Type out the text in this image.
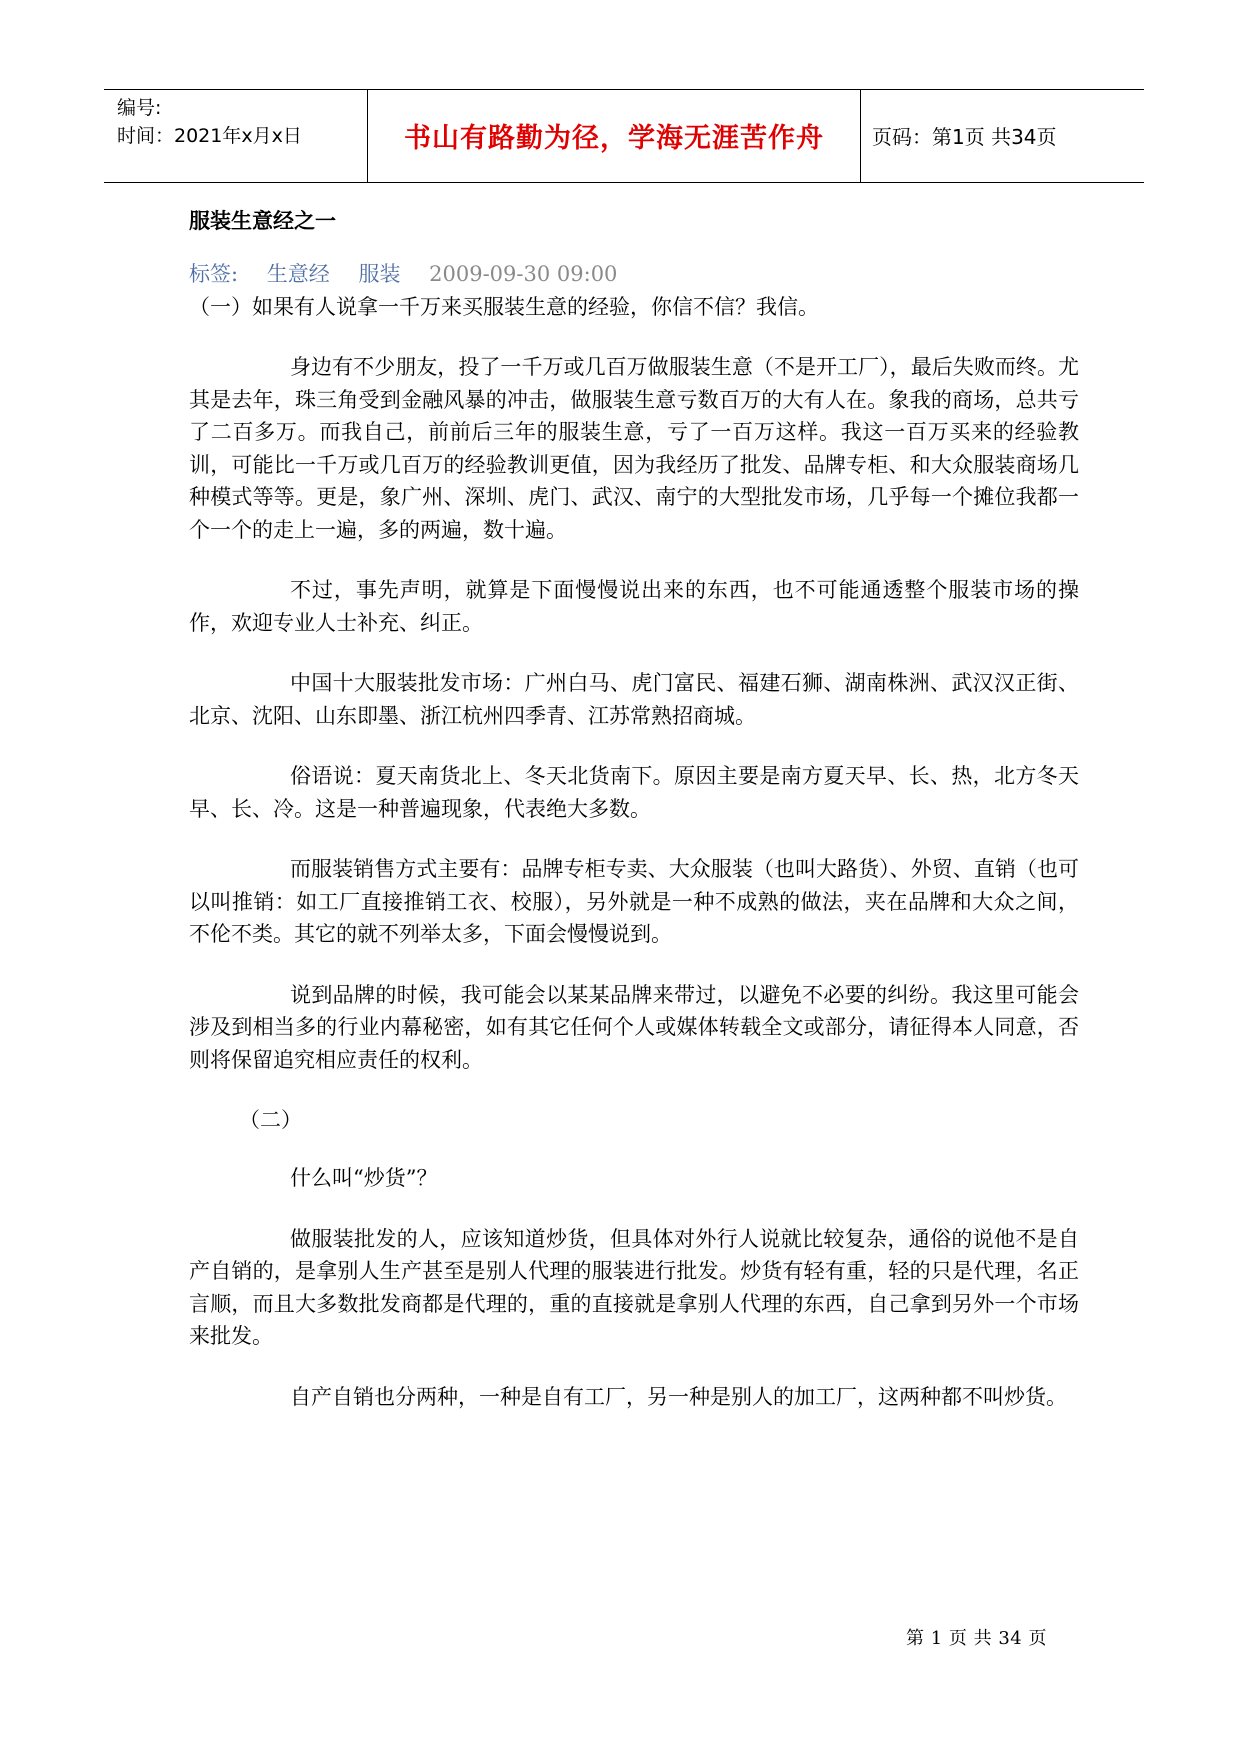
编号:
时间：2021年x月x日	书山有路勤为径，学海无涯苦作舟	页码：第1页 共34页
服装生意经之一
标签: 生意经 服装 2009-09-30 09:00
（一）如果有人说拿一千万来买服装生意的经验，你信不信？我信。

身边有不少朋友，投了一千万或几百万做服装生意（不是开工厂），最后失败而终。尤其是去年，珠三角受到金融风暴的冲击，做服装生意亏数百万的大有人在。象我的商场，总共亏了二百多万。而我自己，前前后三年的服装生意，亏了一百万这样。我这一百万买来的经验教训，可能比一千万或几百万的经验教训更值，因为我经历了批发、品牌专柜、和大众服装商场几种模式等等。更是，象广州、深圳、虎门、武汉、南宁的大型批发市场，几乎每一个摊位我都一个一个的走上一遍，多的两遍，数十遍。

不过，事先声明，就算是下面慢慢说出来的东西，也不可能通透整个服装市场的操作，欢迎专业人士补充、纠正。

中国十大服装批发市场：广州白马、虎门富民、福建石狮、湖南株洲、武汉汉正街、北京、沈阳、山东即墨、浙江杭州四季青、江苏常熟招商城。

俗语说：夏天南货北上、冬天北货南下。原因主要是南方夏天早、长、热，北方冬天早、长、冷。这是一种普遍现象，代表绝大多数。

而服装销售方式主要有：品牌专柜专卖、大众服装（也叫大路货）、外贸、直销（也可以叫推销：如工厂直接推销工衣、校服），另外就是一种不成熟的做法，夹在品牌和大众之间，不伦不类。其它的就不列举太多，下面会慢慢说到。

说到品牌的时候，我可能会以某某品牌来带过，以避免不必要的纠纷。我这里可能会涉及到相当多的行业内幕秘密，如有其它任何个人或媒体转载全文或部分，请征得本人同意，否则将保留追究相应责任的权利。

（二）

什么叫“炒货”？

做服装批发的人，应该知道炒货，但具体对外行人说就比较复杂，通俗的说他不是自产自销的，是拿别人生产甚至是别人代理的服装进行批发。炒货有轻有重，轻的只是代理，名正言顺，而且大多数批发商都是代理的，重的直接就是拿别人代理的东西，自己拿到另外一个市场来批发。

自产自销也分两种，一种是自有工厂，另一种是别人的加工厂，这两种都不叫炒货。

第 1 页 共 34 页
